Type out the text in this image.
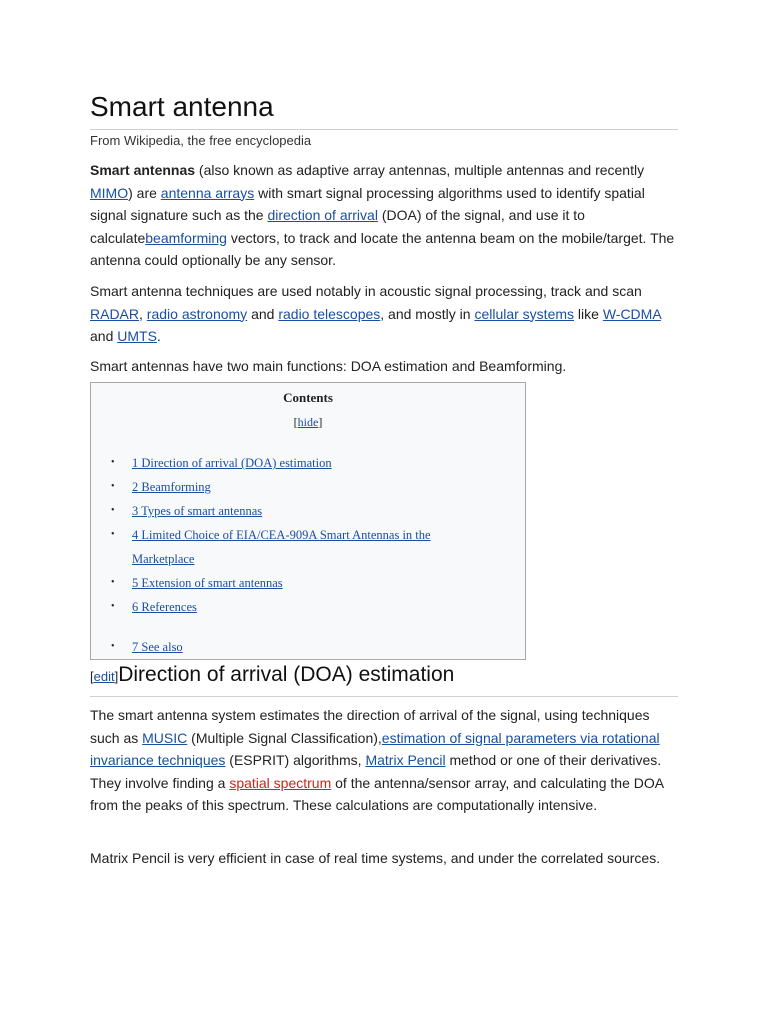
Smart antenna
From Wikipedia, the free encyclopedia

Smart antennas (also known as adaptive array antennas, multiple antennas and recently MIMO) are antenna arrays with smart signal processing algorithms used to identify spatial signal signature such as the direction of arrival (DOA) of the signal, and use it to calculatebeamforming vectors, to track and locate the antenna beam on the mobile/target. The antenna could optionally be any sensor.

Smart antenna techniques are used notably in acoustic signal processing, track and scan RADAR, radio astronomy and radio telescopes, and mostly in cellular systems like W-CDMA and UMTS.

Smart antennas have two main functions: DOA estimation and Beamforming.

Contents
[hide]
• 1 Direction of arrival (DOA) estimation
• 2 Beamforming
• 3 Types of smart antennas
• 4 Limited Choice of EIA/CEA-909A Smart Antennas in the Marketplace
• 5 Extension of smart antennas
• 6 References
• 7 See also
[edit]Direction of arrival (DOA) estimation

The smart antenna system estimates the direction of arrival of the signal, using techniques such as MUSIC (Multiple Signal Classification),estimation of signal parameters via rotational invariance techniques (ESPRIT) algorithms, Matrix Pencil method or one of their derivatives. They involve finding a spatial spectrum of the antenna/sensor array, and calculating the DOA from the peaks of this spectrum. These calculations are computationally intensive.

Matrix Pencil is very efficient in case of real time systems, and under the correlated sources.
